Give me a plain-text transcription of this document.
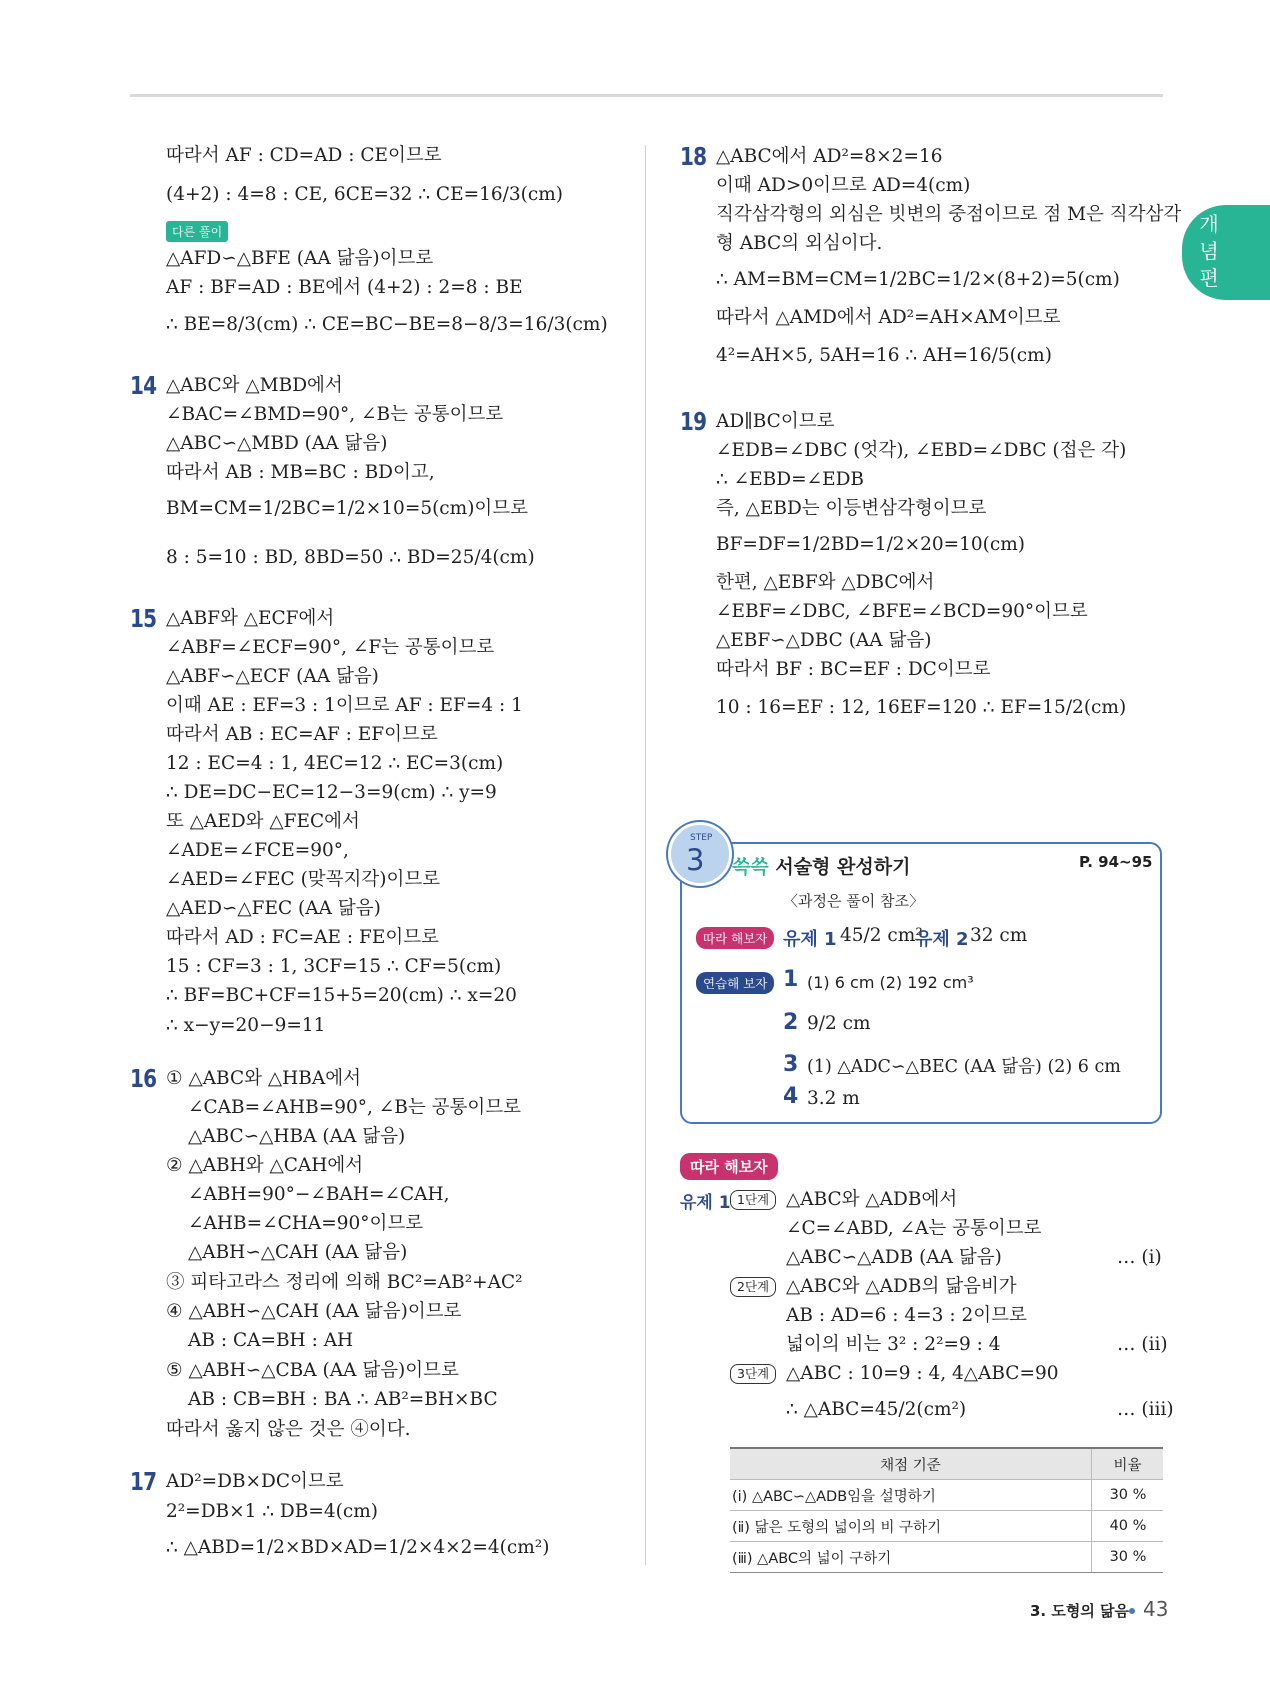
개념편
따라서 AF : CD=AD : CE이므로
(4+2) : 4=8 : CE, 6CE=32 ∴ CE=16/3(cm)
다른 풀이
△AFD∽△BFE (AA 닮음)이므로
AF : BF=AD : BE에서 (4+2) : 2=8 : BE
∴ BE=8/3(cm) ∴ CE=BC−BE=8−8/3=16/3(cm)
14 △ABC와 △MBD에서
∠BAC=∠BMD=90°, ∠B는 공통이므로
△ABC∽△MBD (AA 닮음)
따라서 AB : MB=BC : BD이고,
BM=CM=1/2BC=1/2×10=5(cm)이므로
8 : 5=10 : BD, 8BD=50 ∴ BD=25/4(cm)
15 △ABF와 △ECF에서
∠ABF=∠ECF=90°, ∠F는 공통이므로
△ABF∽△ECF (AA 닮음)
이때 AE : EF=3 : 1이므로 AF : EF=4 : 1
따라서 AB : EC=AF : EF이므로
12 : EC=4 : 1, 4EC=12 ∴ EC=3(cm)
∴ DE=DC−EC=12−3=9(cm) ∴ y=9
또 △AED와 △FEC에서
∠ADE=∠FCE=90°,
∠AED=∠FEC (맞꼭지각)이므로
△AED∽△FEC (AA 닮음)
따라서 AD : FC=AE : FE이므로
15 : CF=3 : 1, 3CF=15 ∴ CF=5(cm)
∴ BF=BC+CF=15+5=20(cm) ∴ x=20
∴ x−y=20−9=11
16 ① △ABC와 △HBA에서
∠CAB=∠AHB=90°, ∠B는 공통이므로
△ABC∽△HBA (AA 닮음)
② △ABH와 △CAH에서
∠ABH=90°−∠BAH=∠CAH,
∠AHB=∠CHA=90°이므로
△ABH∽△CAH (AA 닮음)
③ 피타고라스 정리에 의해 BC²=AB²+AC²
④ △ABH∽△CAH (AA 닮음)이므로
AB : CA=BH : AH
⑤ △ABH∽△CBA (AA 닮음)이므로
AB : CB=BH : BA ∴ AB²=BH×BC
따라서 옳지 않은 것은 ④이다.
17 AD²=DB×DC이므로
2²=DB×1 ∴ DB=4(cm)
∴ △ABD=1/2×BD×AD=1/2×4×2=4(cm²)
18 △ABC에서 AD²=8×2=16
이때 AD>0이므로 AD=4(cm)
직각삼각형의 외심은 빗변의 중점이므로 점 M은 직각삼각
형 ABC의 외심이다.
∴ AM=BM=CM=1/2BC=1/2×(8+2)=5(cm)
따라서 △AMD에서 AD²=AH×AM이므로
4²=AH×5, 5AH=16 ∴ AH=16/5(cm)
19 AD∥BC이므로
∠EDB=∠DBC (엇각), ∠EBD=∠DBC (접은 각)
∴ ∠EBD=∠EDB
즉, △EBD는 이등변삼각형이므로
BF=DF=1/2BD=1/2×20=10(cm)
한편, △EBF와 △DBC에서
∠EBF=∠DBC, ∠BFE=∠BCD=90°이므로
△EBF∽△DBC (AA 닮음)
따라서 BF : BC=EF : DC이므로
10 : 16=EF : 12, 16EF=120 ∴ EF=15/2(cm)
STEP
3 쓱쓱 서술형 완성하기	P. 94~95
〈과정은 풀이 참조〉
따라 해보자 유제 1 45/2 cm²
유제 2 32 cm
연습해 보자 1 (1) 6 cm (2) 192 cm³
2 9/2 cm
3 (1) △ADC∽△BEC (AA 닮음) (2) 6 cm
4 3.2 m
따라 해보자
유제 1 1단계 △ABC와 △ADB에서
∠C=∠ABD, ∠A는 공통이므로
△ABC∽△ADB (AA 닮음)	… (ⅰ)
2단계 △ABC와 △ADB의 닮음비가
AB : AD=6 : 4=3 : 2이므로
넓이의 비는 3² : 2²=9 : 4	… (ⅱ)
3단계 △ABC : 10=9 : 4, 4△ABC=90
∴ △ABC=45/2(cm²)	… (ⅲ)
채점 기준	비율
(ⅰ) △ABC∽△ADB임을 설명하기	30 %
(ⅱ) 닮은 도형의 넓이의 비 구하기	40 %
(ⅲ) △ABC의 넓이 구하기	30 %
3. 도형의 닮음 43
